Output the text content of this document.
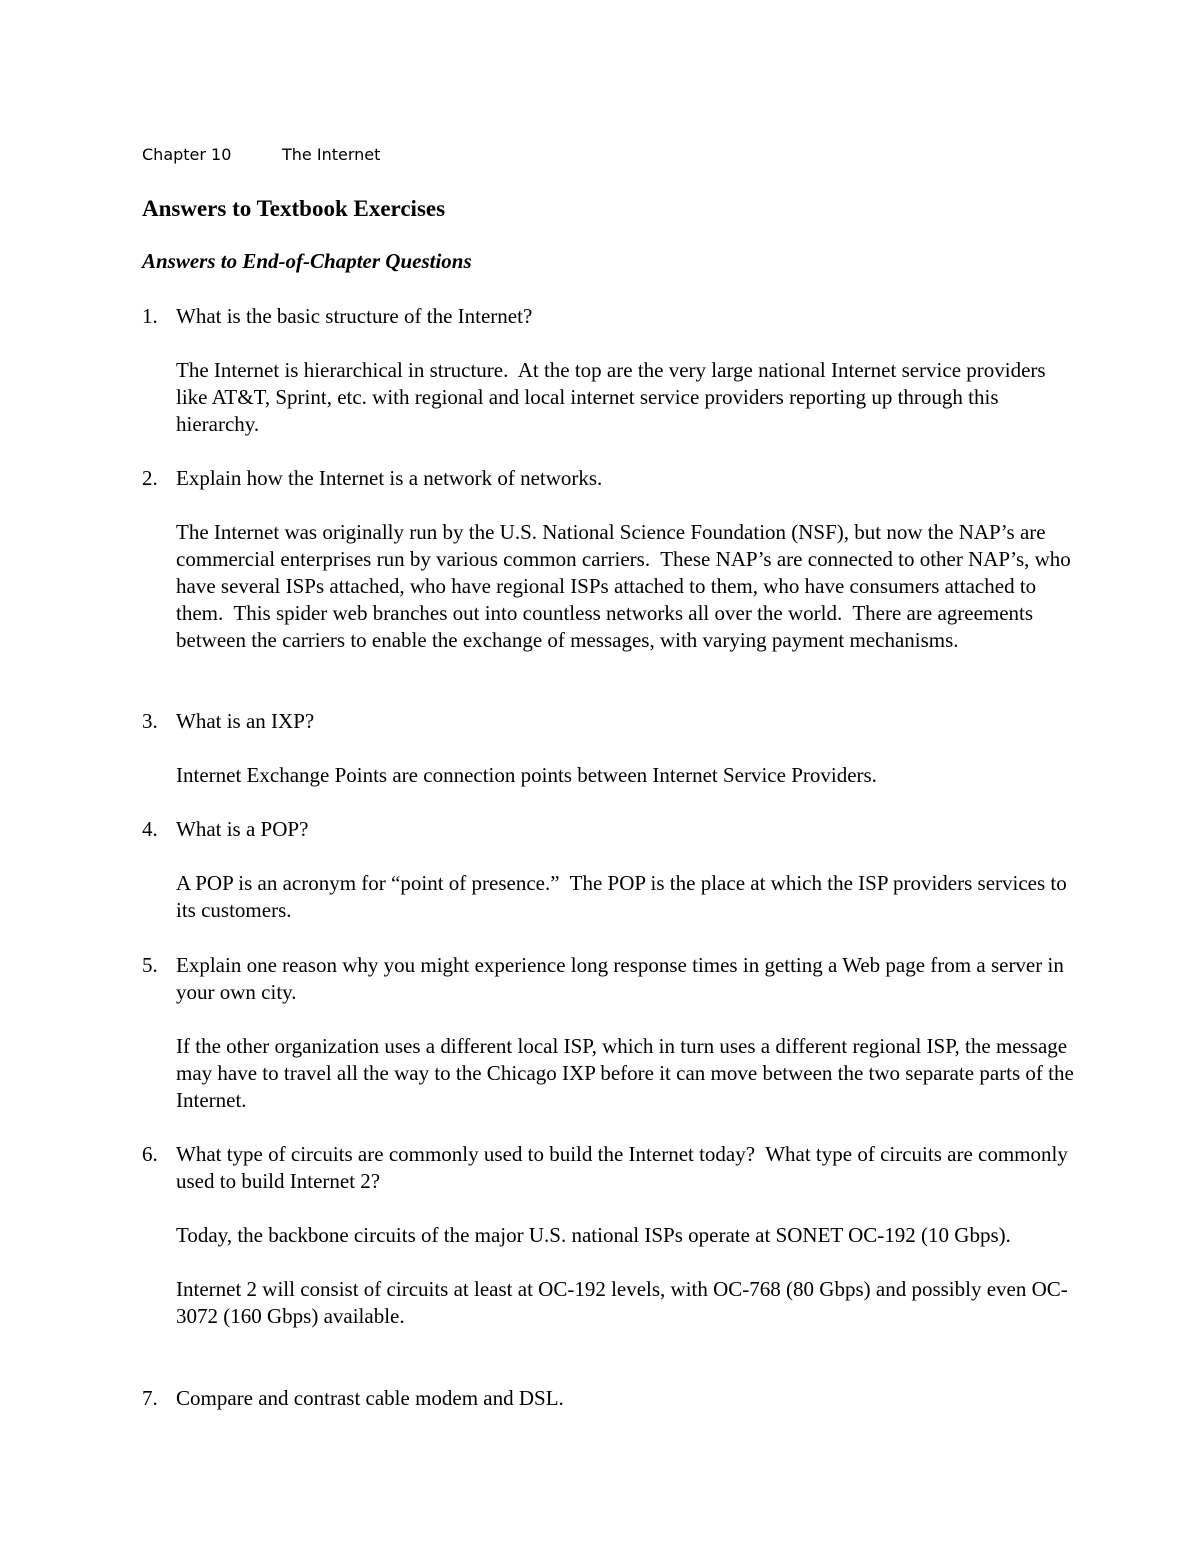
Chapter 10	The Internet
Answers to Textbook Exercises
Answers to End-of-Chapter Questions
1. What is the basic structure of the Internet?
The Internet is hierarchical in structure.  At the top are the very large national Internet service providers like AT&T, Sprint, etc. with regional and local internet service providers reporting up through this hierarchy.
2. Explain how the Internet is a network of networks.
The Internet was originally run by the U.S. National Science Foundation (NSF), but now the NAP’s are commercial enterprises run by various common carriers.  These NAP’s are connected to other NAP’s, who have several ISPs attached, who have regional ISPs attached to them, who have consumers attached to them.  This spider web branches out into countless networks all over the world.  There are agreements between the carriers to enable the exchange of messages, with varying payment mechanisms.
3. What is an IXP?
Internet Exchange Points are connection points between Internet Service Providers.
4. What is a POP?
A POP is an acronym for “point of presence.”  The POP is the place at which the ISP providers services to its customers.
5. Explain one reason why you might experience long response times in getting a Web page from a server in your own city.
If the other organization uses a different local ISP, which in turn uses a different regional ISP, the message may have to travel all the way to the Chicago IXP before it can move between the two separate parts of the Internet.
6. What type of circuits are commonly used to build the Internet today?  What type of circuits are commonly used to build Internet 2?
Today, the backbone circuits of the major U.S. national ISPs operate at SONET OC-192 (10 Gbps).
Internet 2 will consist of circuits at least at OC-192 levels, with OC-768 (80 Gbps) and possibly even OC-3072 (160 Gbps) available.
7. Compare and contrast cable modem and DSL.
